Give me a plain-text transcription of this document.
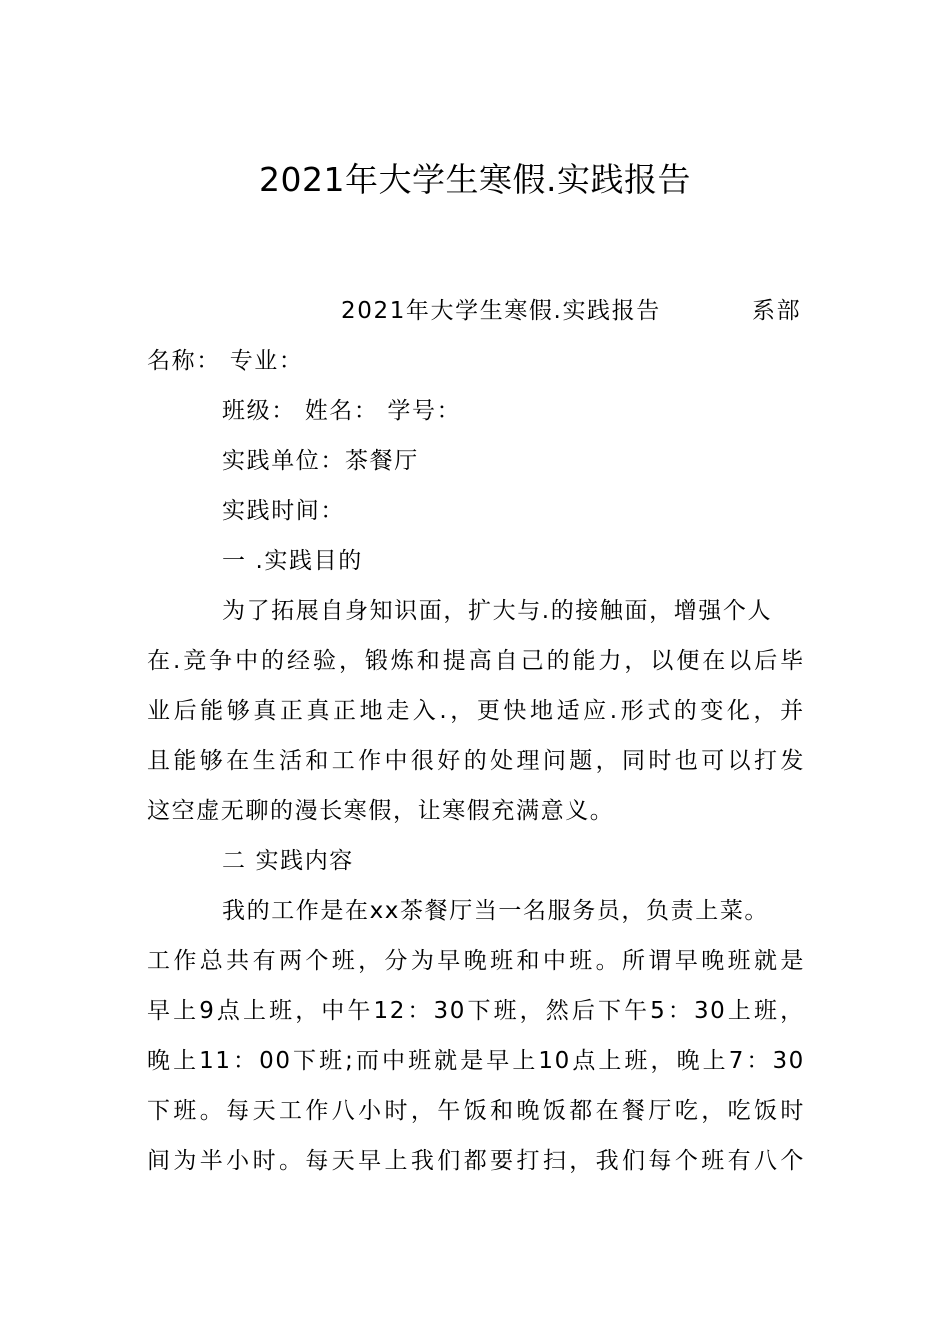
2021年大学生寒假.实践报告
2021年大学生寒假.实践报告	系部
名称： 专业：
班级： 姓名： 学号：
实践单位：茶餐厅
实践时间：
一 .实践目的
为了拓展自身知识面，扩大与.的接触面，增强个人
在 . 竞 争 中 的 经 验 ， 锻 炼 和 提 高 自 己 的 能 力 ， 以 便 在 以 后 毕
业 后 能 够 真 正 真 正 地 走 入 . ， 更 快 地 适 应 . 形 式 的 变 化 ， 并
且 能 够 在 生 活 和 工 作 中 很 好 的 处 理 问 题 ， 同 时 也 可 以 打 发
这空虚无聊的漫长寒假，让寒假充满意义。
二 实践内容
我的工作是在xx茶餐厅当一名服务员，负责上菜。
工 作 总 共 有 两 个 班 ， 分 为 早 晚 班 和 中 班 。 所 谓 早 晚 班 就 是
早 上 9 点 上 班 ， 中 午 12 ： 30 下 班 ， 然 后 下 午 5 ： 30 上 班 ，
晚 上 11 ： 00 下 班 ; 而 中 班 就 是 早 上 10 点 上 班 ， 晚 上 7 ： 30
下 班 。 每 天 工 作 八 小 时 ， 午 饭 和 晚 饭 都 在 餐 厅 吃 ， 吃 饭 时
间 为 半 小 时 。 每 天 早 上 我 们 都 要 打 扫 ， 我 们 每 个 班 有 八 个
